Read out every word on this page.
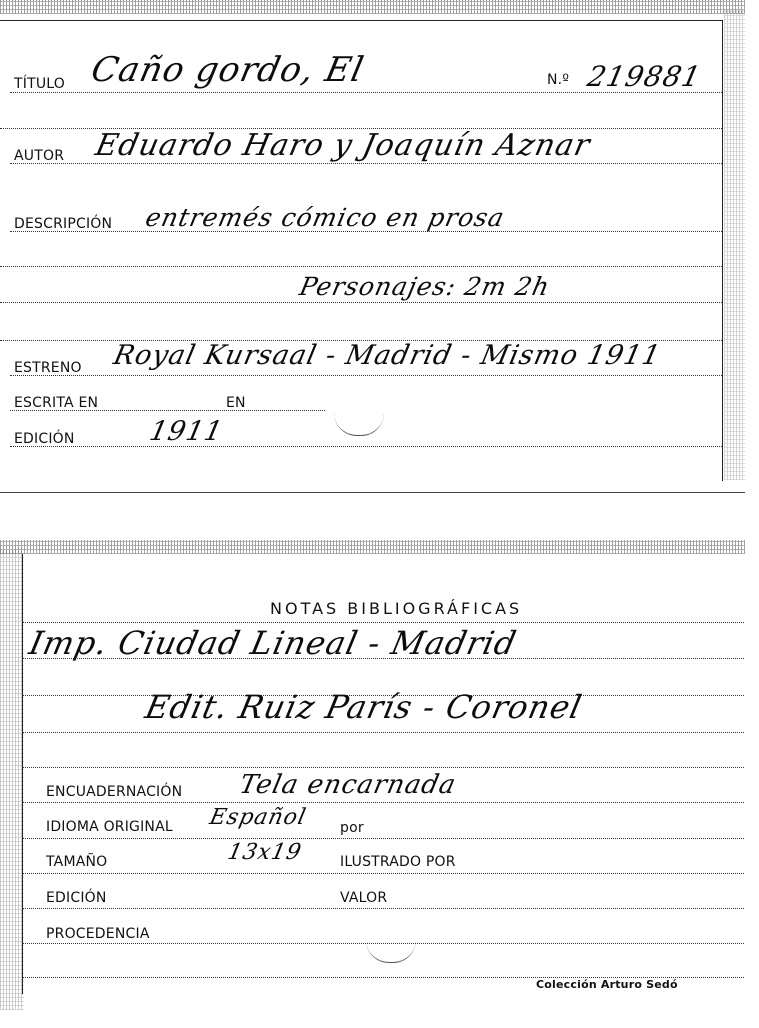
TÍTULO Caño gordo, El	N.º 219881
AUTOR Eduardo Haro y Joaquín Aznar
DESCRIPCIÓN entremés cómico en prosa
Personajes: 2m 2h
ESTRENO Royal Kursaal - Madrid - Mismo 1911
ESCRITA EN	EN
EDICIÓN	1911
NOTAS BIBLIOGRÁFICAS
Imp. Ciudad Lineal - Madrid
Edit. Ruiz París - Coronel
ENCUADERNACIÓN Tela encarnada
IDIOMA ORIGINAL Español por
TAMAÑO	13x19	ILUSTRADO POR
EDICIÓN	VALOR
PROCEDENCIA
Colección Arturo Sedó
